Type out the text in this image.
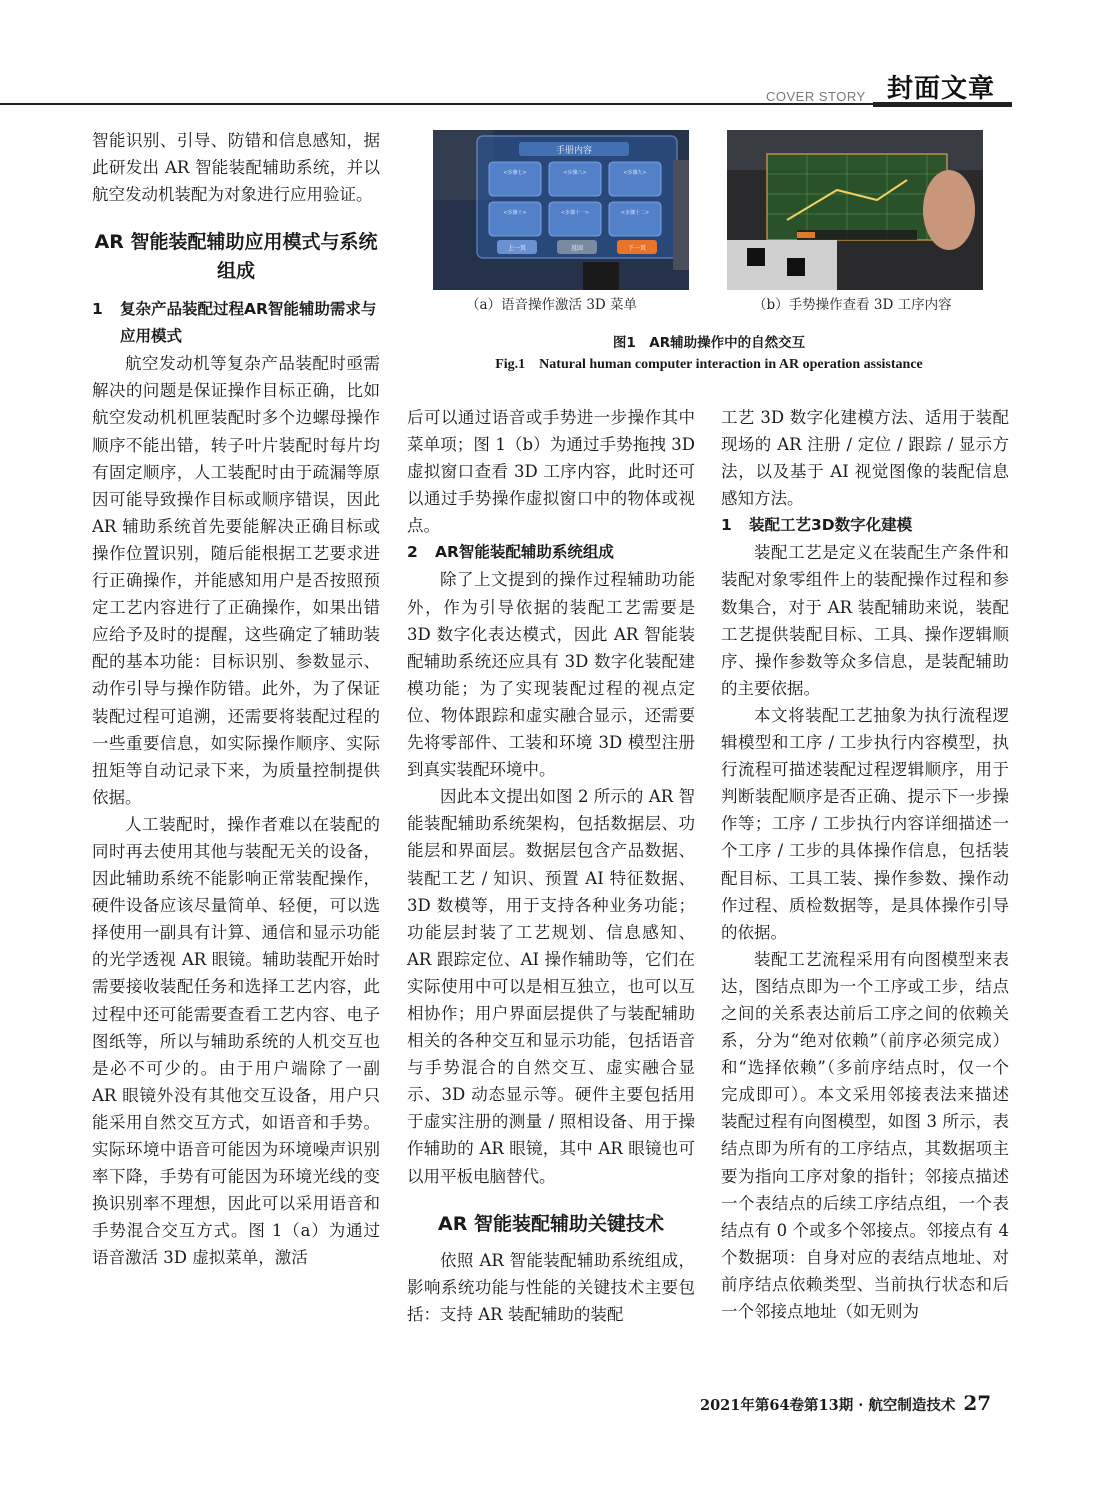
COVER STORY 封面文章

智能识别、引导、防错和信息感知，据此研发出 AR 智能装配辅助系统，并以航空发动机装配为对象进行应用验证。

AR 智能装配辅助应用模式与系统组成

1 复杂产品装配过程AR智能辅助需求与应用模式

航空发动机等复杂产品装配时亟需解决的问题是保证操作目标正确，比如航空发动机机匣装配时多个边螺母操作顺序不能出错，转子叶片装配时每片均有固定顺序，人工装配时由于疏漏等原因可能导致操作目标或顺序错误，因此 AR 辅助系统首先要能解决正确目标或操作位置识别，随后能根据工艺要求进行正确操作，并能感知用户是否按照预定工艺内容进行了正确操作，如果出错应给予及时的提醒，这些确定了辅助装配的基本功能：目标识别、参数显示、动作引导与操作防错。此外，为了保证装配过程可追溯，还需要将装配过程的一些重要信息，如实际操作顺序、实际扭矩等自动记录下来，为质量控制提供依据。

人工装配时，操作者难以在装配的同时再去使用其他与装配无关的设备，因此辅助系统不能影响正常装配操作，硬件设备应该尽量简单、轻便，可以选择使用一副具有计算、通信和显示功能的光学透视 AR 眼镜。辅助装配开始时需要接收装配任务和选择工艺内容，此过程中还可能需要查看工艺内容、电子图纸等，所以与辅助系统的人机交互也是必不可少的。由于用户端除了一副 AR 眼镜外没有其他交互设备，用户只能采用自然交互方式，如语音和手势。实际环境中语音可能因为环境噪声识别率下降，手势有可能因为环境光线的变换识别率不理想，因此可以采用语音和手势混合交互方式。图 1（a）为通过语音激活 3D 虚拟菜单，激活

手册内容
<步骤七>	<步骤八>	<步骤九>
<步骤十>	<步骤十一>	<步骤十二>
上一页	返回	下一页
（a）语音操作激活 3D 菜单	（b）手势操作查看 3D 工序内容
图1　AR辅助操作中的自然交互
Fig.1　Natural human computer interaction in AR operation assistance

后可以通过语音或手势进一步操作其中菜单项；图 1（b）为通过手势拖拽 3D 虚拟窗口查看 3D 工序内容，此时还可以通过手势操作虚拟窗口中的物体或视点。

2 AR智能装配辅助系统组成

除了上文提到的操作过程辅助功能外，作为引导依据的装配工艺需要是 3D 数字化表达模式，因此 AR 智能装配辅助系统还应具有 3D 数字化装配建模功能；为了实现装配过程的视点定位、物体跟踪和虚实融合显示，还需要先将零部件、工装和环境 3D 模型注册到真实装配环境中。

因此本文提出如图 2 所示的 AR 智能装配辅助系统架构，包括数据层、功能层和界面层。数据层包含产品数据、装配工艺 / 知识、预置 AI 特征数据、3D 数模等，用于支持各种业务功能；功能层封装了工艺规划、信息感知、AR 跟踪定位、AI 操作辅助等，它们在实际使用中可以是相互独立，也可以互相协作；用户界面层提供了与装配辅助相关的各种交互和显示功能，包括语音与手势混合的自然交互、虚实融合显示、3D 动态显示等。硬件主要包括用于虚实注册的测量 / 照相设备、用于操作辅助的 AR 眼镜，其中 AR 眼镜也可以用平板电脑替代。

AR 智能装配辅助关键技术

依照 AR 智能装配辅助系统组成，影响系统功能与性能的关键技术主要包括：支持 AR 装配辅助的装配

工艺 3D 数字化建模方法、适用于装配现场的 AR 注册 / 定位 / 跟踪 / 显示方法，以及基于 AI 视觉图像的装配信息感知方法。

1 装配工艺3D数字化建模

装配工艺是定义在装配生产条件和装配对象零组件上的装配操作过程和参数集合，对于 AR 装配辅助来说，装配工艺提供装配目标、工具、操作逻辑顺序、操作参数等众多信息，是装配辅助的主要依据。

本文将装配工艺抽象为执行流程逻辑模型和工序 / 工步执行内容模型，执行流程可描述装配过程逻辑顺序，用于判断装配顺序是否正确、提示下一步操作等；工序 / 工步执行内容详细描述一个工序 / 工步的具体操作信息，包括装配目标、工具工装、操作参数、操作动作过程、质检数据等，是具体操作引导的依据。

装配工艺流程采用有向图模型来表达，图结点即为一个工序或工步，结点之间的关系表达前后工序之间的依赖关系，分为“绝对依赖”（前序必须完成）和“选择依赖”（多前序结点时，仅一个完成即可）。本文采用邻接表法来描述装配过程有向图模型，如图 3 所示，表结点即为所有的工序结点，其数据项主要为指向工序对象的指针；邻接点描述一个表结点的后续工序结点组，一个表结点有 0 个或多个邻接点。邻接点有 4 个数据项：自身对应的表结点地址、对前序结点依赖类型、当前执行状态和后一个邻接点地址（如无则为

2021年第64卷第13期 · 航空制造技术 27
